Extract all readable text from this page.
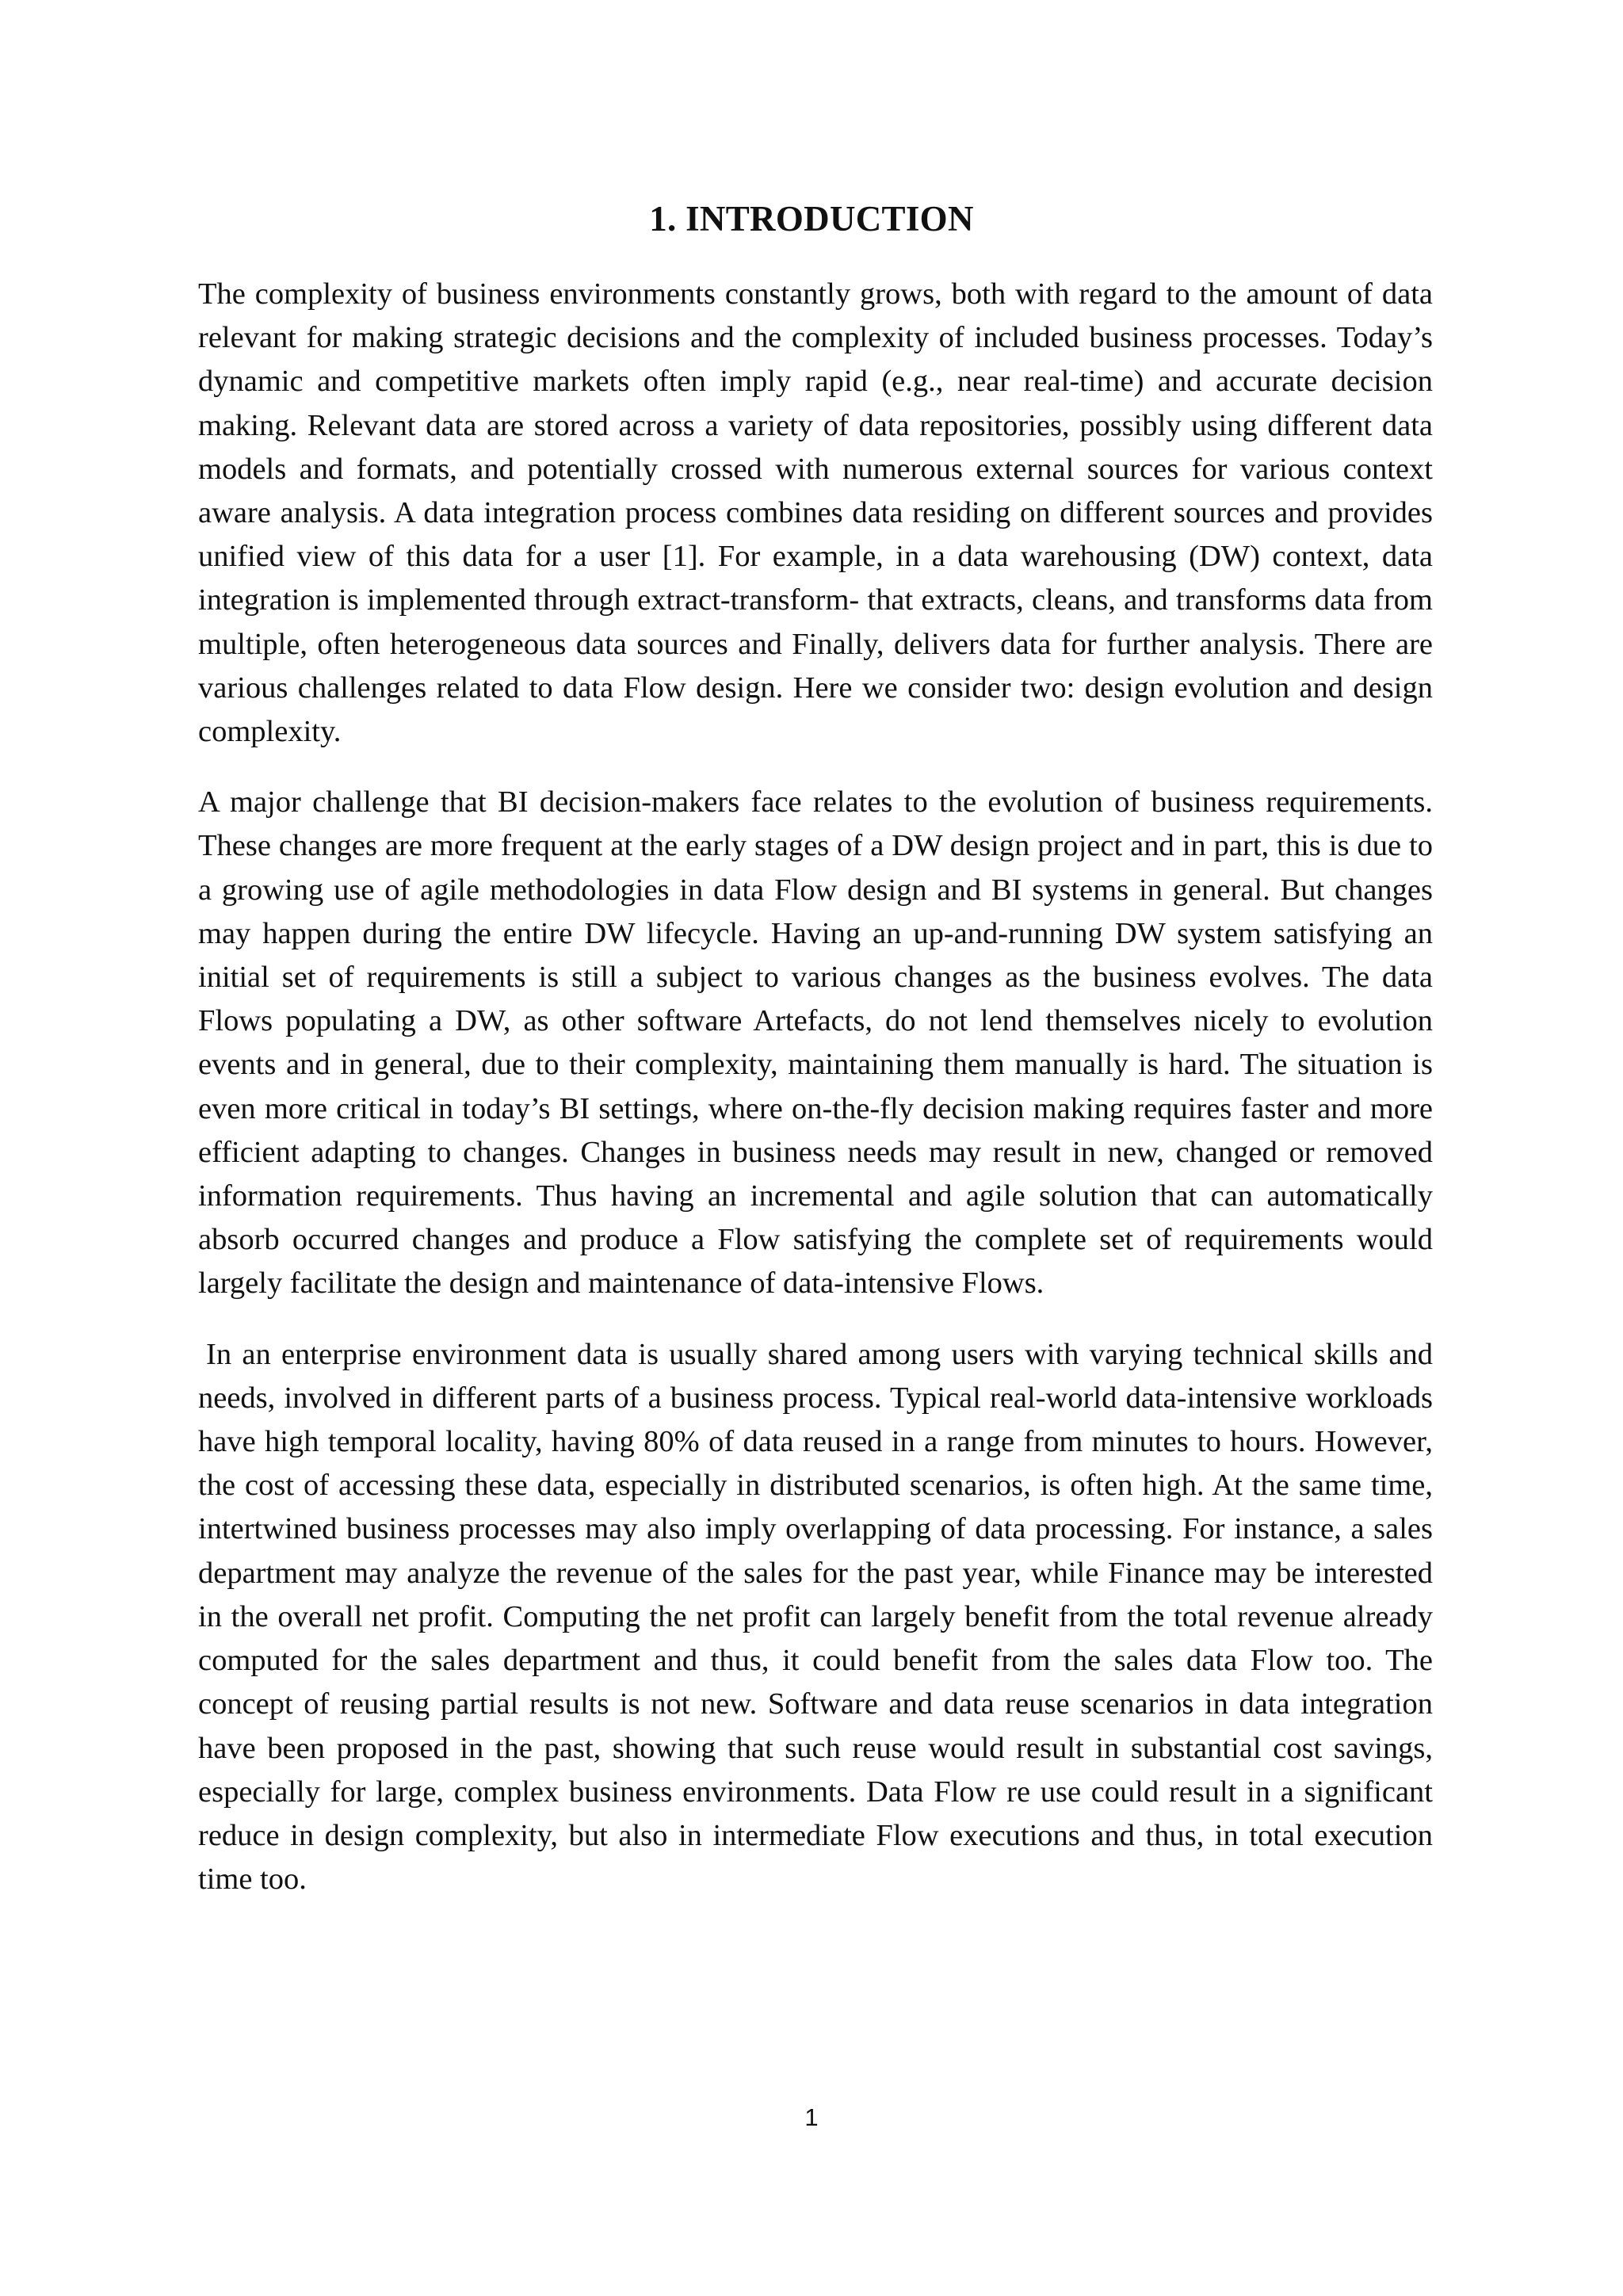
1. INTRODUCTION

The complexity of business environments constantly grows, both with regard to the amount of data relevant for making strategic decisions and the complexity of included business processes. Today’s dynamic and competitive markets often imply rapid (e.g., near real-time) and accurate decision making. Relevant data are stored across a variety of data repositories, possibly using different data models and formats, and potentially crossed with numerous external sources for various context aware analysis. A data integration process combines data residing on different sources and provides unified view of this data for a user [1]. For example, in a data warehousing (DW) context, data integration is implemented through extract-transform- that extracts, cleans, and transforms data from multiple, often heterogeneous data sources and Finally, delivers data for further analysis. There are various challenges related to data Flow design. Here we consider two: design evolution and design complexity.

A major challenge that BI decision-makers face relates to the evolution of business requirements. These changes are more frequent at the early stages of a DW design project and in part, this is due to a growing use of agile methodologies in data Flow design and BI systems in general. But changes may happen during the entire DW lifecycle. Having an up-and-running DW system satisfying an initial set of requirements is still a subject to various changes as the business evolves. The data Flows populating a DW, as other software Artefacts, do not lend themselves nicely to evolution events and in general, due to their complexity, maintaining them manually is hard. The situation is even more critical in today’s BI settings, where on-the-fly decision making requires faster and more efficient adapting to changes. Changes in business needs may result in new, changed or removed information requirements. Thus having an incremental and agile solution that can automatically absorb occurred changes and produce a Flow satisfying the complete set of requirements would largely facilitate the design and maintenance of data-intensive Flows.

In an enterprise environment data is usually shared among users with varying technical skills and needs, involved in different parts of a business process. Typical real-world data-intensive workloads have high temporal locality, having 80% of data reused in a range from minutes to hours. However, the cost of accessing these data, especially in distributed scenarios, is often high. At the same time, intertwined business processes may also imply overlapping of data processing. For instance, a sales department may analyze the revenue of the sales for the past year, while Finance may be interested in the overall net profit. Computing the net profit can largely benefit from the total revenue already computed for the sales department and thus, it could benefit from the sales data Flow too. The concept of reusing partial results is not new. Software and data reuse scenarios in data integration have been proposed in the past, showing that such reuse would result in substantial cost savings, especially for large, complex business environments. Data Flow re use could result in a significant reduce in design complexity, but also in intermediate Flow executions and thus, in total execution time too.

1
